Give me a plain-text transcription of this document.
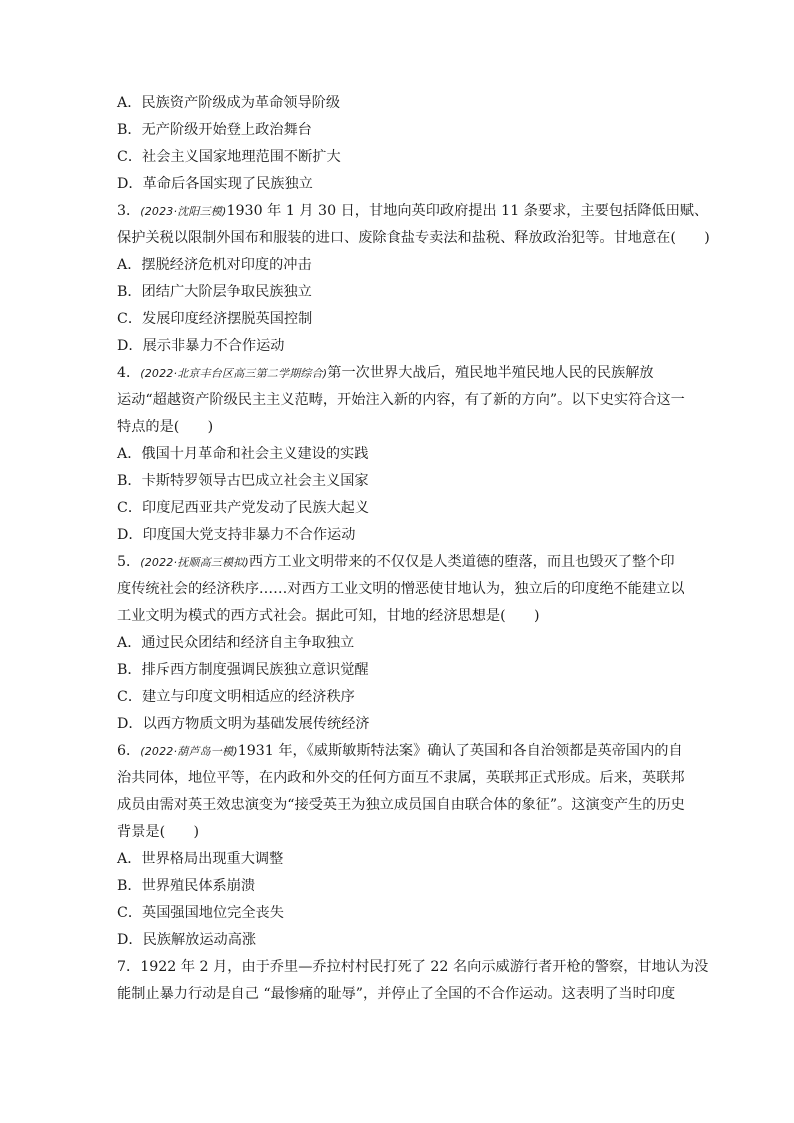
A．民族资产阶级成为革命领导阶级
B．无产阶级开始登上政治舞台
C．社会主义国家地理范围不断扩大
D．革命后各国实现了民族独立
3．(2023·沈阳三模)1930 年 1 月 30 日，甘地向英印政府提出 11 条要求，主要包括降低田赋、
保护关税以限制外国布和服装的进口、废除食盐专卖法和盐税、释放政治犯等。甘地意在(　　)
A．摆脱经济危机对印度的冲击
B．团结广大阶层争取民族独立
C．发展印度经济摆脱英国控制
D．展示非暴力不合作运动
4．(2022·北京丰台区高三第二学期综合)第一次世界大战后，殖民地半殖民地人民的民族解放
运动“超越资产阶级民主主义范畴，开始注入新的内容，有了新的方向”。以下史实符合这一
特点的是(　　)
A．俄国十月革命和社会主义建设的实践
B．卡斯特罗领导古巴成立社会主义国家
C．印度尼西亚共产党发动了民族大起义
D．印度国大党支持非暴力不合作运动
5．(2022·抚顺高三模拟)西方工业文明带来的不仅仅是人类道德的堕落，而且也毁灭了整个印
度传统社会的经济秩序……对西方工业文明的憎恶使甘地认为，独立后的印度绝不能建立以
工业文明为模式的西方式社会。据此可知，甘地的经济思想是(　　)
A．通过民众团结和经济自主争取独立
B．排斥西方制度强调民族独立意识觉醒
C．建立与印度文明相适应的经济秩序
D．以西方物质文明为基础发展传统经济
6．(2022·葫芦岛一模)1931 年，《威斯敏斯特法案》确认了英国和各自治领都是英帝国内的自
治共同体，地位平等，在内政和外交的任何方面互不隶属，英联邦正式形成。后来，英联邦
成员由需对英王效忠演变为“接受英王为独立成员国自由联合体的象征”。这演变产生的历史
背景是(　　)
A．世界格局出现重大调整
B．世界殖民体系崩溃
C．英国强国地位完全丧失
D．民族解放运动高涨
7．1922 年 2 月，由于乔里—乔拉村村民打死了 22 名向示威游行者开枪的警察，甘地认为没
能制止暴力行动是自己 “最惨痛的耻辱”，并停止了全国的不合作运动。这表明了当时印度
